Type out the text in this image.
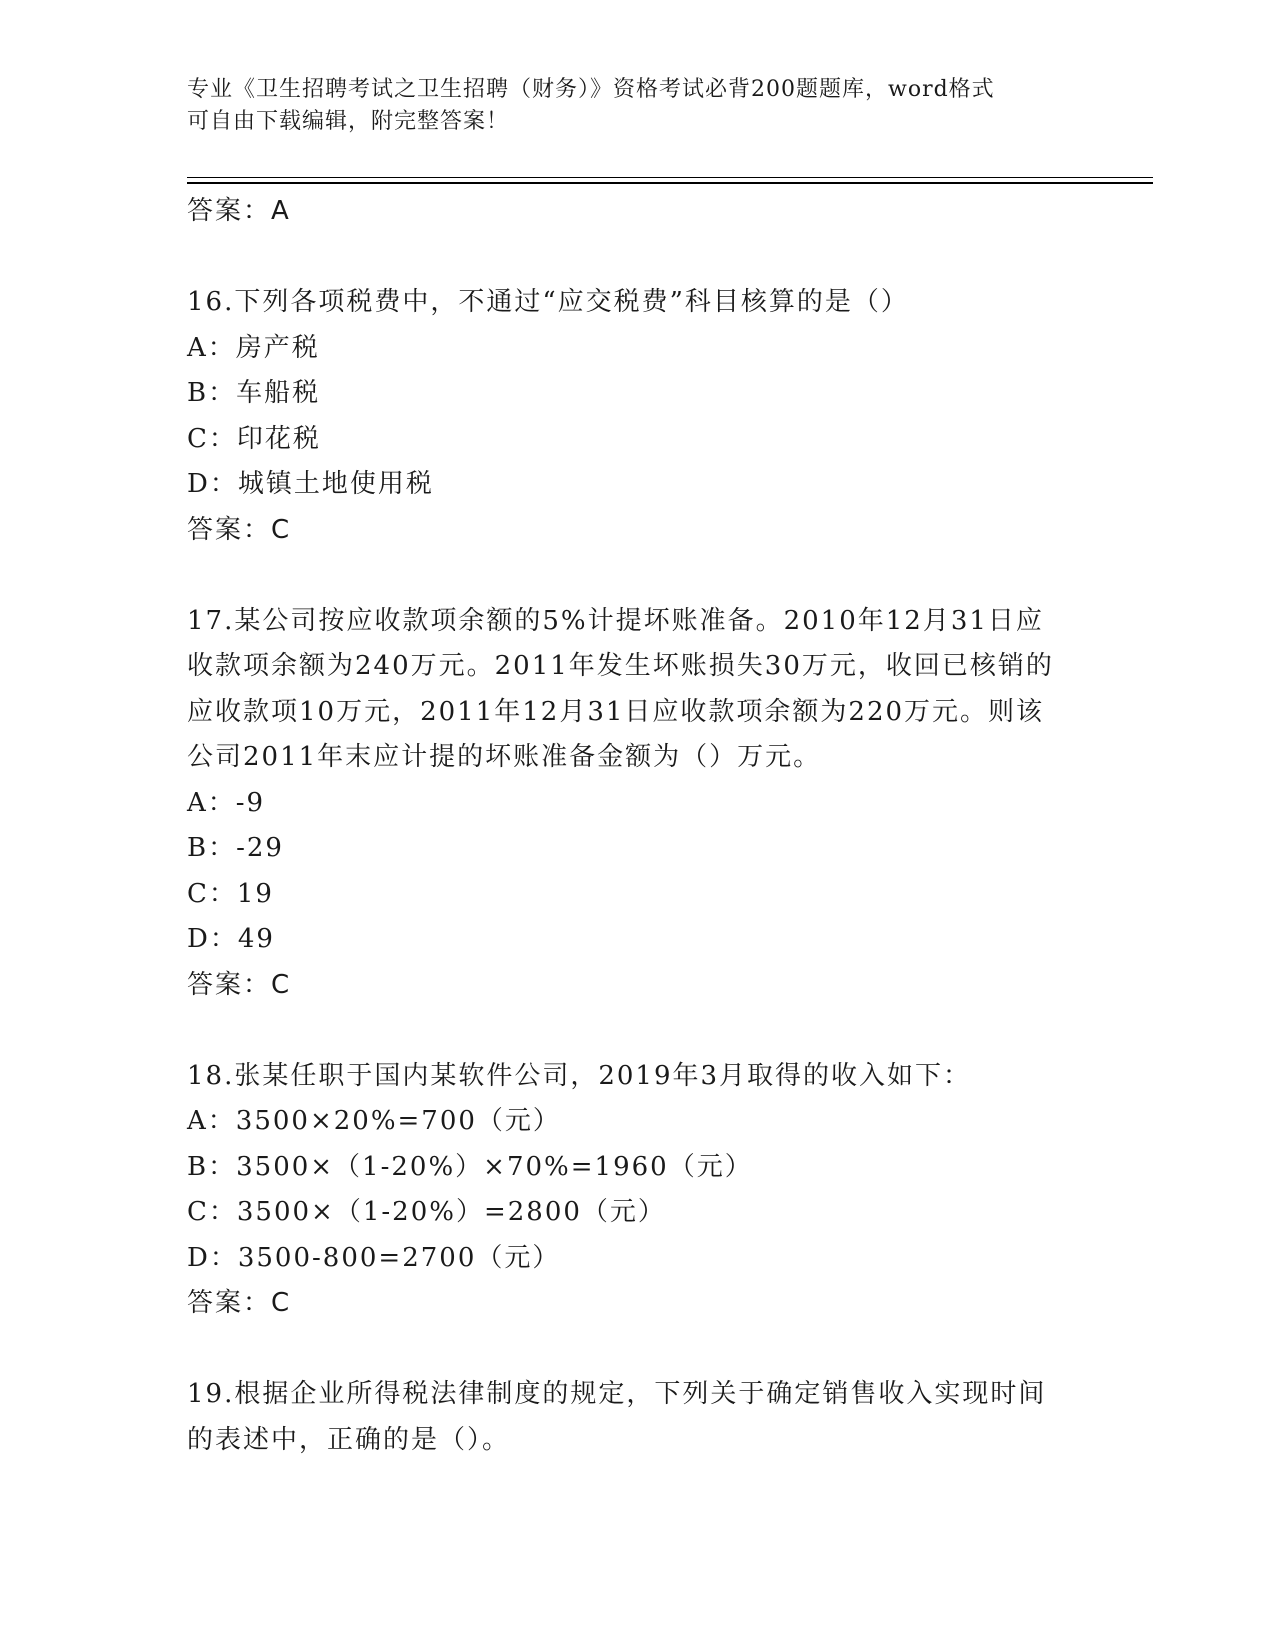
专业《卫生招聘考试之卫生招聘（财务）》资格考试必背200题题库，word格式
可自由下载编辑，附完整答案！
答案：A
16.下列各项税费中，不通过“应交税费”科目核算的是（）
A：房产税
B：车船税
C：印花税
D：城镇土地使用税
答案：C
17.某公司按应收款项余额的5%计提坏账准备。2010年12月31日应
收款项余额为240万元。2011年发生坏账损失30万元，收回已核销的
应收款项10万元，2011年12月31日应收款项余额为220万元。则该
公司2011年末应计提的坏账准备金额为（）万元。
A：-9
B：-29
C：19
D：49
答案：C
18.张某任职于国内某软件公司，2019年3月取得的收入如下：
A：3500×20%=700（元）
B：3500×（1-20%）×70%=1960（元）
C：3500×（1-20%）=2800（元）
D：3500-800=2700（元）
答案：C
19.根据企业所得税法律制度的规定，下列关于确定销售收入实现时间
的表述中，正确的是（）。
